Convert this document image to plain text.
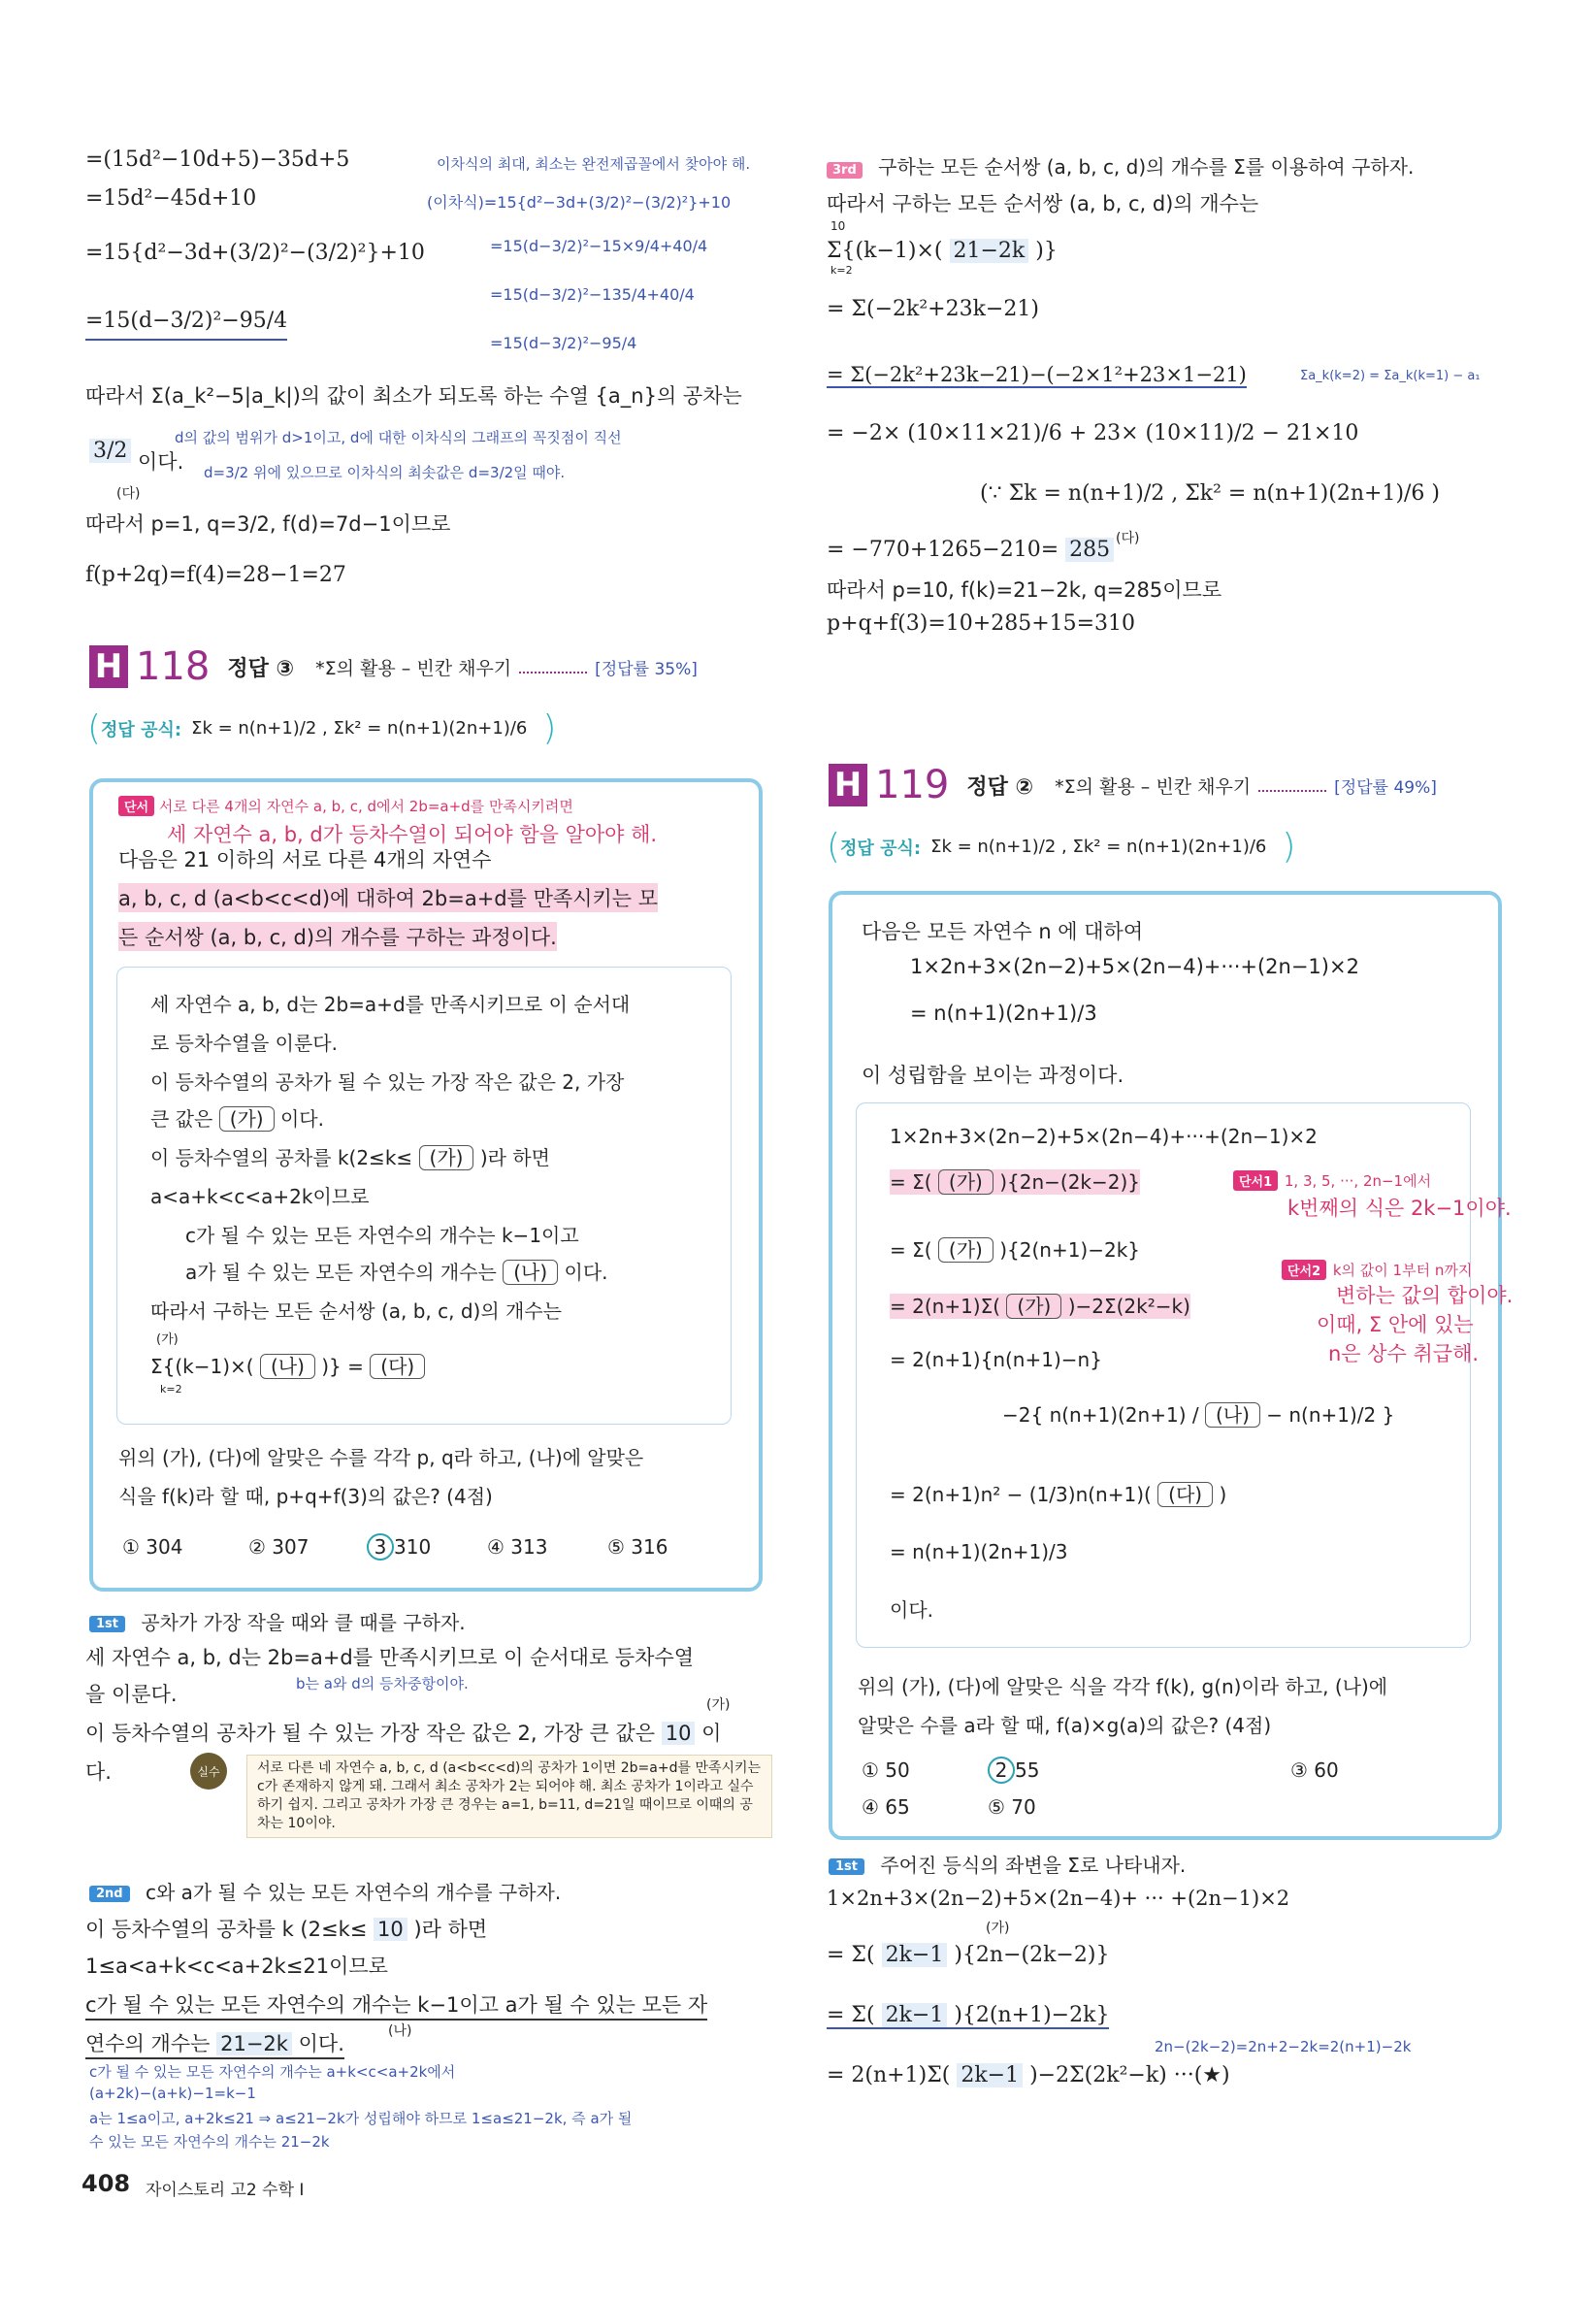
=(15d²−10d+5)−35d+5
=15d²−45d+10
=15{d²−3d+(3/2)²−(3/2)²}+10
=15(d−3/2)²−95/4
이차식의 최대, 최소는 완전제곱꼴에서 찾아야 해.
(이차식)=15{d²−3d+(3/2)²−(3/2)²}+10
=15(d−3/2)²−15×9/4+40/4
=15(d−3/2)²−135/4+40/4
=15(d−3/2)²−95/4
따라서 Σ(a_k²−5|a_k|)의 값이 최소가 되도록 하는 수열 {a_n}의 공차는
d의 값의 범위가 d>1이고, d에 대한 이차식의 그래프의 꼭짓점이 직선
3/2 이다. d=3/2 위에 있으므로 이차식의 최솟값은 d=3/2일 때야.
(다)
따라서 p=1, q=3/2, f(d)=7d−1이므로
f(p+2q)=f(4)=28−1=27
H 118 정답 ③ *Σ의 활용 – 빈칸 채우기	[정답률 35%]
( 정답 공식: Σk = n(n+1)/2 , Σk² = n(n+1)(2n+1)/6 )
단서 서로 다른 4개의 자연수 a, b, c, d에서 2b=a+d를 만족시키려면
세 자연수 a, b, d가 등차수열이 되어야 함을 알아야 해.
다음은 21 이하의 서로 다른 4개의 자연수
a, b, c, d (a<b<c<d)에 대하여 2b=a+d를 만족시키는 모
든 순서쌍 (a, b, c, d)의 개수를 구하는 과정이다.
세 자연수 a, b, d는 2b=a+d를 만족시키므로 이 순서대
로 등차수열을 이룬다.
이 등차수열의 공차가 될 수 있는 가장 작은 값은 2, 가장
큰 값은 (가) 이다.
이 등차수열의 공차를 k(2≤k≤ (가) )라 하면
a<a+k<c<a+2k이므로
c가 될 수 있는 모든 자연수의 개수는 k−1이고
a가 될 수 있는 모든 자연수의 개수는 (나) 이다.
따라서 구하는 모든 순서쌍 (a, b, c, d)의 개수는
(가)
k=2
Σ{(k−1)×( (나) )} = (다)
위의 (가), (다)에 알맞은 수를 각각 p, q라 하고, (나)에 알맞은
식을 f(k)라 할 때, p+q+f(3)의 값은? (4점)
① 304	② 307	3 310	④ 313	⑤ 316
1st 공차가 가장 작을 때와 클 때를 구하자.
세 자연수 a, b, d는 2b=a+d를 만족시키므로 이 순서대로 등차수열
b는 a와 d의 등차중항이야.
을 이룬다.	(가)
이 등차수열의 공차가 될 수 있는 가장 작은 값은 2, 가장 큰 값은 10 이
다.	실수	서로 다른 네 자연수 a, b, c, d (a<b<c<d)의 공차가 1이면 2b=a+d를 만족시키는 c가 존재하지 않게 돼. 그래서 최소 공차가 2는 되어야 해. 최소 공차가 1이라고 실수하기 쉽지. 그리고 공차가 가장 큰 경우는 a=1, b=11, d=21일 때이므로 이때의 공차는 10이야.
2nd c와 a가 될 수 있는 모든 자연수의 개수를 구하자.
이 등차수열의 공차를 k (2≤k≤ 10 )라 하면
1≤a<a+k<c<a+2k≤21이므로
c가 될 수 있는 모든 자연수의 개수는 k−1이고 a가 될 수 있는 모든 자
(나)
연수의 개수는 21−2k 이다.
c가 될 수 있는 모든 자연수의 개수는 a+k<c<a+2k에서
(a+2k)−(a+k)−1=k−1
a는 1≤a이고, a+2k≤21 ⇒ a≤21−2k가 성립해야 하므로 1≤a≤21−2k, 즉 a가 될
수 있는 모든 자연수의 개수는 21−2k
408 자이스토리 고2 수학 I
3rd 구하는 모든 순서쌍 (a, b, c, d)의 개수를 Σ를 이용하여 구하자.
따라서 구하는 모든 순서쌍 (a, b, c, d)의 개수는
10
k=2
Σ{(k−1)×( 21−2k )}
= Σ(−2k²+23k−21)
= Σ(−2k²+23k−21)−(−2×1²+23×1−21)	Σa_k(k=2) = Σa_k(k=1) − a₁
= −2× (10×11×21)/6 + 23× (10×11)/2 − 21×10
(∵ Σk = n(n+1)/2 , Σk² = n(n+1)(2n+1)/6 )
(다)
= −770+1265−210= 285
따라서 p=10, f(k)=21−2k, q=285이므로
p+q+f(3)=10+285+15=310
H 119 정답 ② *Σ의 활용 – 빈칸 채우기	[정답률 49%]
( 정답 공식: Σk = n(n+1)/2 , Σk² = n(n+1)(2n+1)/6 )
다음은 모든 자연수 n 에 대하여
1×2n+3×(2n−2)+5×(2n−4)+···+(2n−1)×2
= n(n+1)(2n+1)/3
이 성립함을 보이는 과정이다.
1×2n+3×(2n−2)+5×(2n−4)+···+(2n−1)×2
= Σ( (가) ){2n−(2k−2)}	단서1 1, 3, 5, ···, 2n−1에서
k번째의 식은 2k−1이야.
= Σ( (가) ){2(n+1)−2k}
단서2 k의 값이 1부터 n까지
변하는 값의 합이야.
이때, Σ 안에 있는
n은 상수 취급해.
= 2(n+1)Σ( (가) )−2Σ(2k²−k)
= 2(n+1){n(n+1)−n}
−2{ n(n+1)(2n+1) / (나) − n(n+1)/2 }
= 2(n+1)n² − (1/3)n(n+1)( (다) )
= n(n+1)(2n+1)/3
이다.
위의 (가), (다)에 알맞은 식을 각각 f(k), g(n)이라 하고, (나)에
알맞은 수를 a라 할 때, f(a)×g(a)의 값은? (4점)
① 50	2 55	③ 60
④ 65	⑤ 70
1st 주어진 등식의 좌변을 Σ로 나타내자.
1×2n+3×(2n−2)+5×(2n−4)+ ··· +(2n−1)×2
(가)
= Σ( 2k−1 ){2n−(2k−2)}
= Σ( 2k−1 ){2(n+1)−2k}
2n−(2k−2)=2n+2−2k=2(n+1)−2k
= 2(n+1)Σ( 2k−1 )−2Σ(2k²−k) ···(★)
